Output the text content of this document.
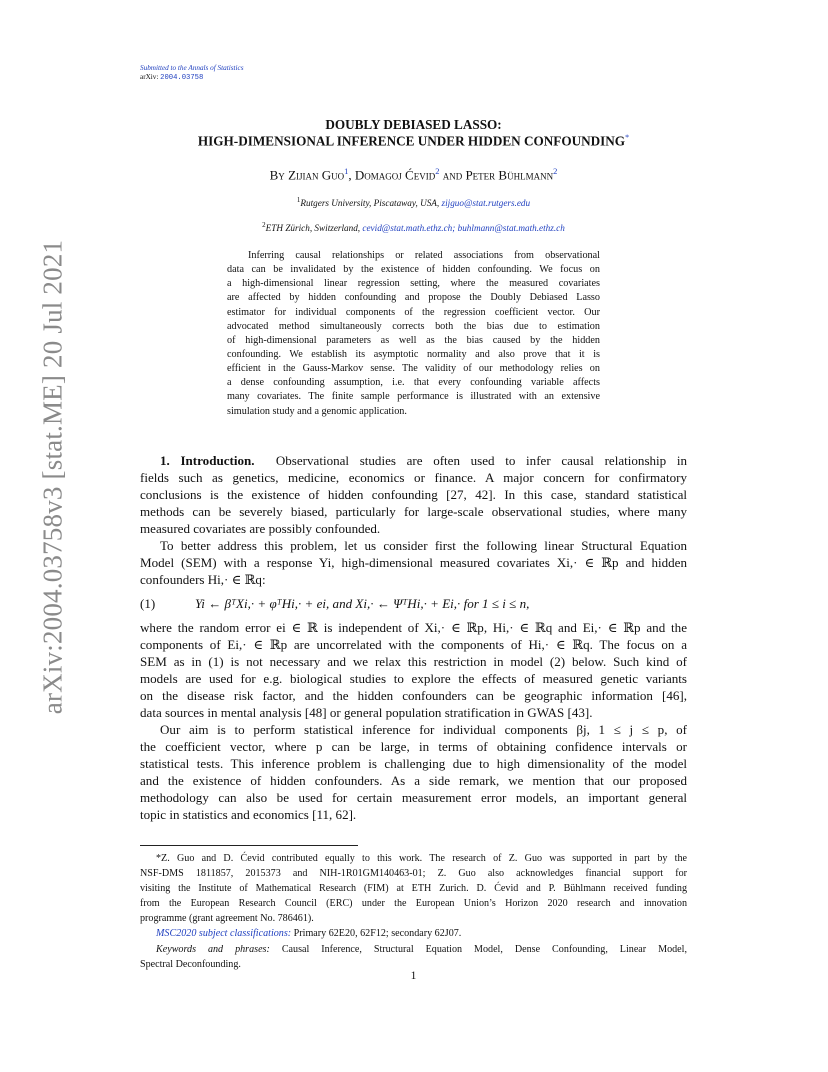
Submitted to the Annals of Statistics
arXiv: 2004.03758
arXiv:2004.03758v3 [stat.ME] 20 Jul 2021
DOUBLY DEBIASED LASSO:
HIGH-DIMENSIONAL INFERENCE UNDER HIDDEN CONFOUNDING*
By Zijian Guo$^1$, Domagoj Ćevid$^2$ and Peter Bühlmann$^2$
$^1$Rutgers University, Piscataway, USA, zijguo@stat.rutgers.edu
$^2$ETH Zürich, Switzerland, cevid@stat.math.ethz.ch; buhlmann@stat.math.ethz.ch
Inferring causal relationships or related associations from observational
data can be invalidated by the existence of hidden confounding. We focus on
a high-dimensional linear regression setting, where the measured covariates
are affected by hidden confounding and propose the Doubly Debiased Lasso
estimator for individual components of the regression coefficient vector. Our
advocated method simultaneously corrects both the bias due to estimation
of high-dimensional parameters as well as the bias caused by the hidden
confounding. We establish its asymptotic normality and also prove that it is
efficient in the Gauss-Markov sense. The validity of our methodology relies on
a dense confounding assumption, i.e. that every confounding variable affects
many covariates. The finite sample performance is illustrated with an extensive
simulation study and a genomic application.
1. Introduction. Observational studies are often used to infer causal relationship in
fields such as genetics, medicine, economics or finance. A major concern for confirmatory
conclusions is the existence of hidden confounding [27, 42]. In this case, standard statistical
methods can be severely biased, particularly for large-scale observational studies, where many
measured covariates are possibly confounded.
To better address this problem, let us consider first the following linear Structural Equation
Model (SEM) with a response Yi, high-dimensional measured covariates Xi,· ∈ ℝp and hidden
confounders Hi,· ∈ ℝq:
(1)	Yi ← βᵀXi,· + φᵀHi,· + ei, and Xi,· ← ΨᵀHi,· + Ei,· for 1 ≤ i ≤ n,
where the random error ei ∈ ℝ is independent of Xi,· ∈ ℝp, Hi,· ∈ ℝq and Ei,· ∈ ℝp and the
components of Ei,· ∈ ℝp are uncorrelated with the components of Hi,· ∈ ℝq. The focus on a
SEM as in (1) is not necessary and we relax this restriction in model (2) below. Such kind of
models are used for e.g. biological studies to explore the effects of measured genetic variants
on the disease risk factor, and the hidden confounders can be geographic information [46],
data sources in mental analysis [48] or general population stratification in GWAS [43].
Our aim is to perform statistical inference for individual components βj, 1 ≤ j ≤ p, of
the coefficient vector, where p can be large, in terms of obtaining confidence intervals or
statistical tests. This inference problem is challenging due to high dimensionality of the model
and the existence of hidden confounders. As a side remark, we mention that our proposed
methodology can also be used for certain measurement error models, an important general
topic in statistics and economics [11, 62].
*Z. Guo and D. Ćevid contributed equally to this work. The research of Z. Guo was supported in part by the
NSF-DMS 1811857, 2015373 and NIH-1R01GM140463-01; Z. Guo also acknowledges financial support for
visiting the Institute of Mathematical Research (FIM) at ETH Zurich. D. Ćevid and P. Bühlmann received funding
from the European Research Council (ERC) under the European Union’s Horizon 2020 research and innovation
programme (grant agreement No. 786461).
MSC2020 subject classifications: Primary 62E20, 62F12; secondary 62J07.
Keywords and phrases: Causal Inference, Structural Equation Model, Dense Confounding, Linear Model,
Spectral Deconfounding.
1
